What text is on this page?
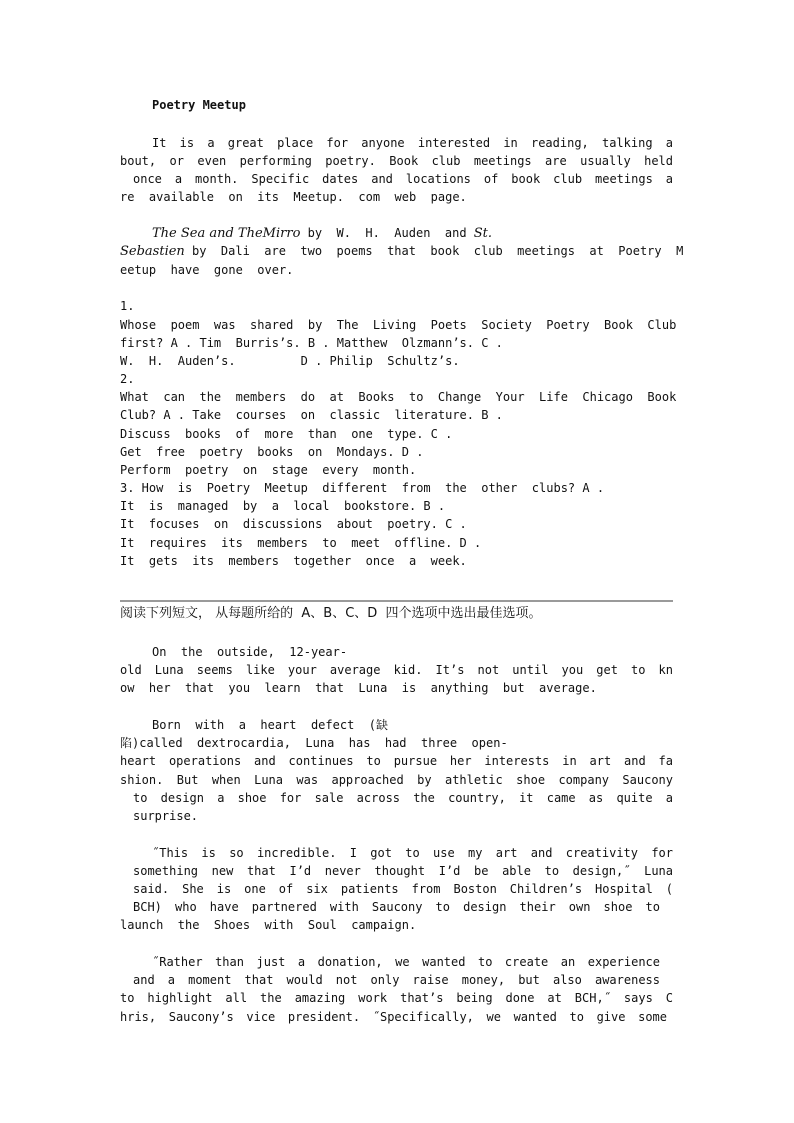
Poetry Meetup
It is a great place for anyone interested in reading, talking a
bout, or even performing poetry. Book club meetings are usually held
once a month. Specific dates and locations of book club meetings a
re  available  on  its  Meetup.  com  web  page.
The Sea and TheMirro by  W.  H.  Auden  and St.
Sebastien by  Dali  are  two  poems  that  book  club  meetings  at  Poetry  M
eetup  have  gone  over.
1.
Whose  poem  was  shared  by  The  Living  Poets  Society  Poetry  Book  Club
first? A . Tim  Burris’s. B . Matthew  Olzmann’s. C .
W.  H.  Auden’s.         D . Philip  Schultz’s.
2.
What  can  the  members  do  at  Books  to  Change  Your  Life  Chicago  Book
Club? A . Take  courses  on  classic  literature. B .
Discuss  books  of  more  than  one  type. C .
Get  free  poetry  books  on  Mondays. D .
Perform  poetry  on  stage  every  month.
3. How  is  Poetry  Meetup  different  from  the  other  clubs? A .
It  is  managed  by  a  local  bookstore. B .
It  focuses  on  discussions  about  poetry. C .
It  requires  its  members  to  meet  offline. D .
It  gets  its  members  together  once  a  week.
阅读下列短文， 从每题所给的  A、B、C、D  四个选项中选出最佳选项。
On  the  outside,  12-year-
old Luna seems like your average kid. It’s not until you get to kn
ow  her  that  you  learn  that  Luna  is  anything  but  average.
Born  with  a  heart  defect  (缺
陷)called  dextrocardia,  Luna  has  had  three  open-
heart operations and continues to pursue her interests in art and fa
shion. But when Luna was approached by athletic shoe company Saucony
to design a shoe for sale across the country, it came as quite a
surprise.
˝This is so incredible. I got to use my art and creativity for
something new that I’d never thought I’d be able to design,˝ Luna
said. She is one of six patients from Boston Children’s Hospital (
BCH) who have partnered with Saucony to design their own shoe to
launch  the  Shoes  with  Soul  campaign.
˝Rather than just a donation, we wanted to create an experience
and a moment that would not only raise money, but also awareness
to highlight all the amazing work that’s being done at BCH,˝ says C
hris, Saucony’s vice president. ˝Specifically, we wanted to give some
